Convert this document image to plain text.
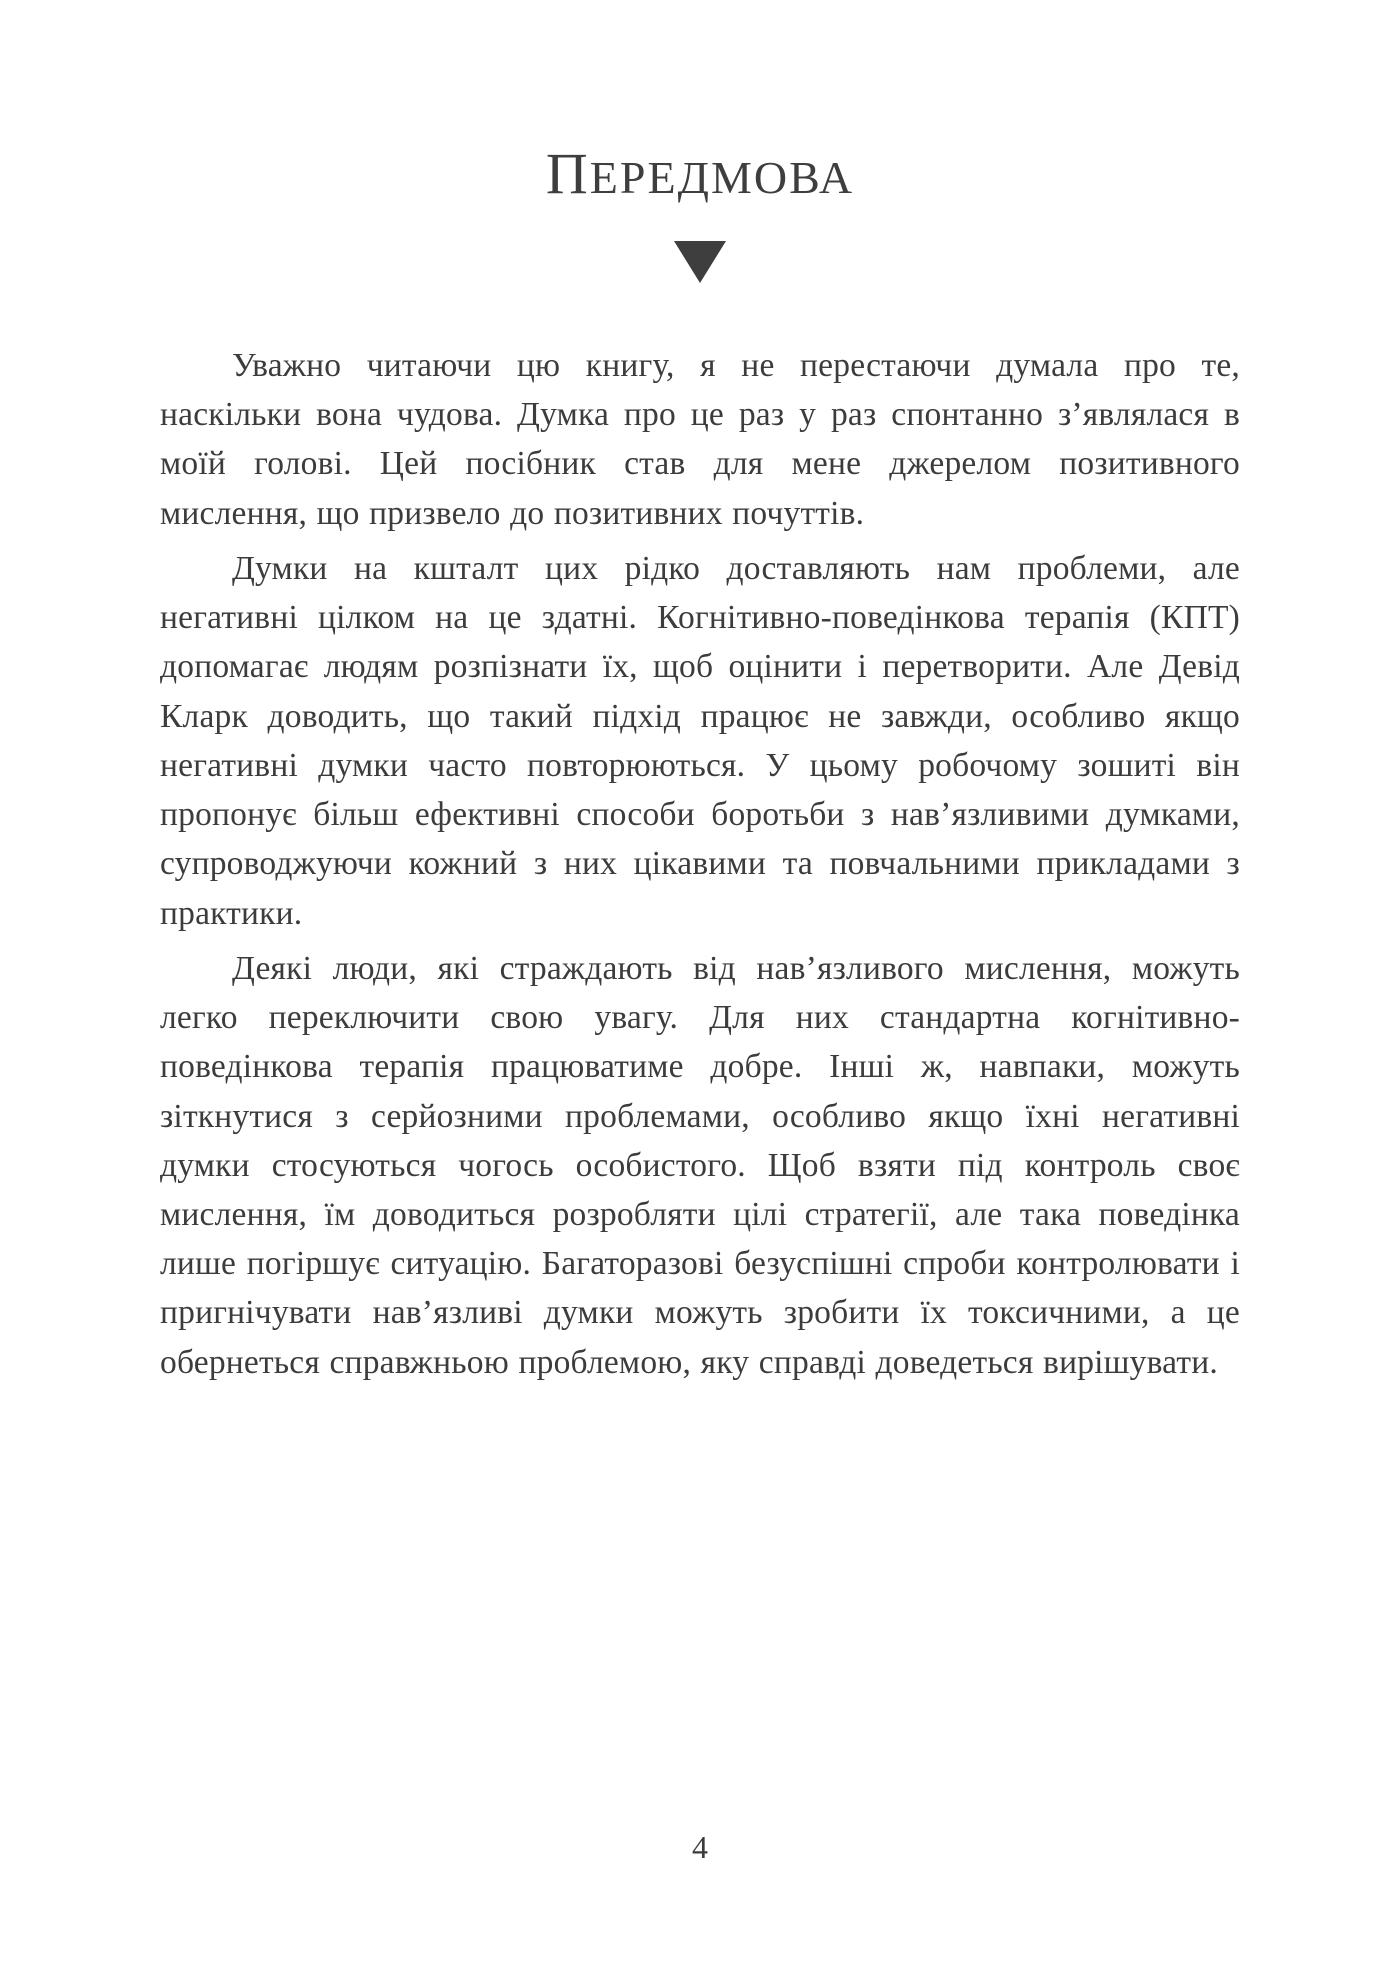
ПЕРЕДМОВА

Уважно читаючи цю книгу, я не перестаючи думала про те, наскільки вона чудова. Думка про це раз у раз спонтанно з’являлася в моїй голові. Цей посібник став для мене джерелом позитивного мислення, що призвело до позитивних почуттів.

Думки на кшталт цих рідко доставляють нам проблеми, але негативні цілком на це здатні. Когнітивно-поведінкова терапія (КПТ) допомагає людям розпізнати їх, щоб оцінити і перетворити. Але Девід Кларк доводить, що такий підхід працює не завжди, особливо якщо негативні думки часто повторюються. У цьому робочому зошиті він пропонує більш ефективні способи боротьби з нав’язливими думками, супроводжуючи кожний з них цікавими та повчальними прикладами з практики.

Деякі люди, які страждають від нав’язливого мислення, можуть легко переключити свою увагу. Для них стандартна когнітивно-поведінкова терапія працюватиме добре. Інші ж, навпаки, можуть зіткнутися з серйозними проблемами, особливо якщо їхні негативні думки стосуються чогось особистого. Щоб взяти під контроль своє мислення, їм доводиться розробляти цілі стратегії, але така поведінка лише погіршує ситуацію. Багаторазові безуспішні спроби контролювати і пригнічувати нав’язливі думки можуть зробити їх токсичними, а це обернеться справжньою проблемою, яку справді доведеться вирішувати.

4
